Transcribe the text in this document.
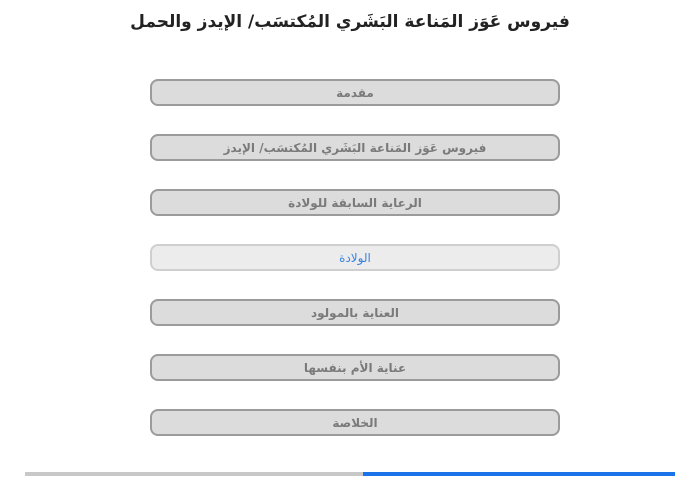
فيروس عَوَز المَناعة البَشَري المُكتسَب/ الإيدز والحمل
مقدمة
فيروس عَوَز المَناعة البَشَري المُكتسَب/ الإيدز
الرعاية السابقة للولادة
الولادة
العناية بالمولود
عناية الأم بنفسها
الخلاصة
